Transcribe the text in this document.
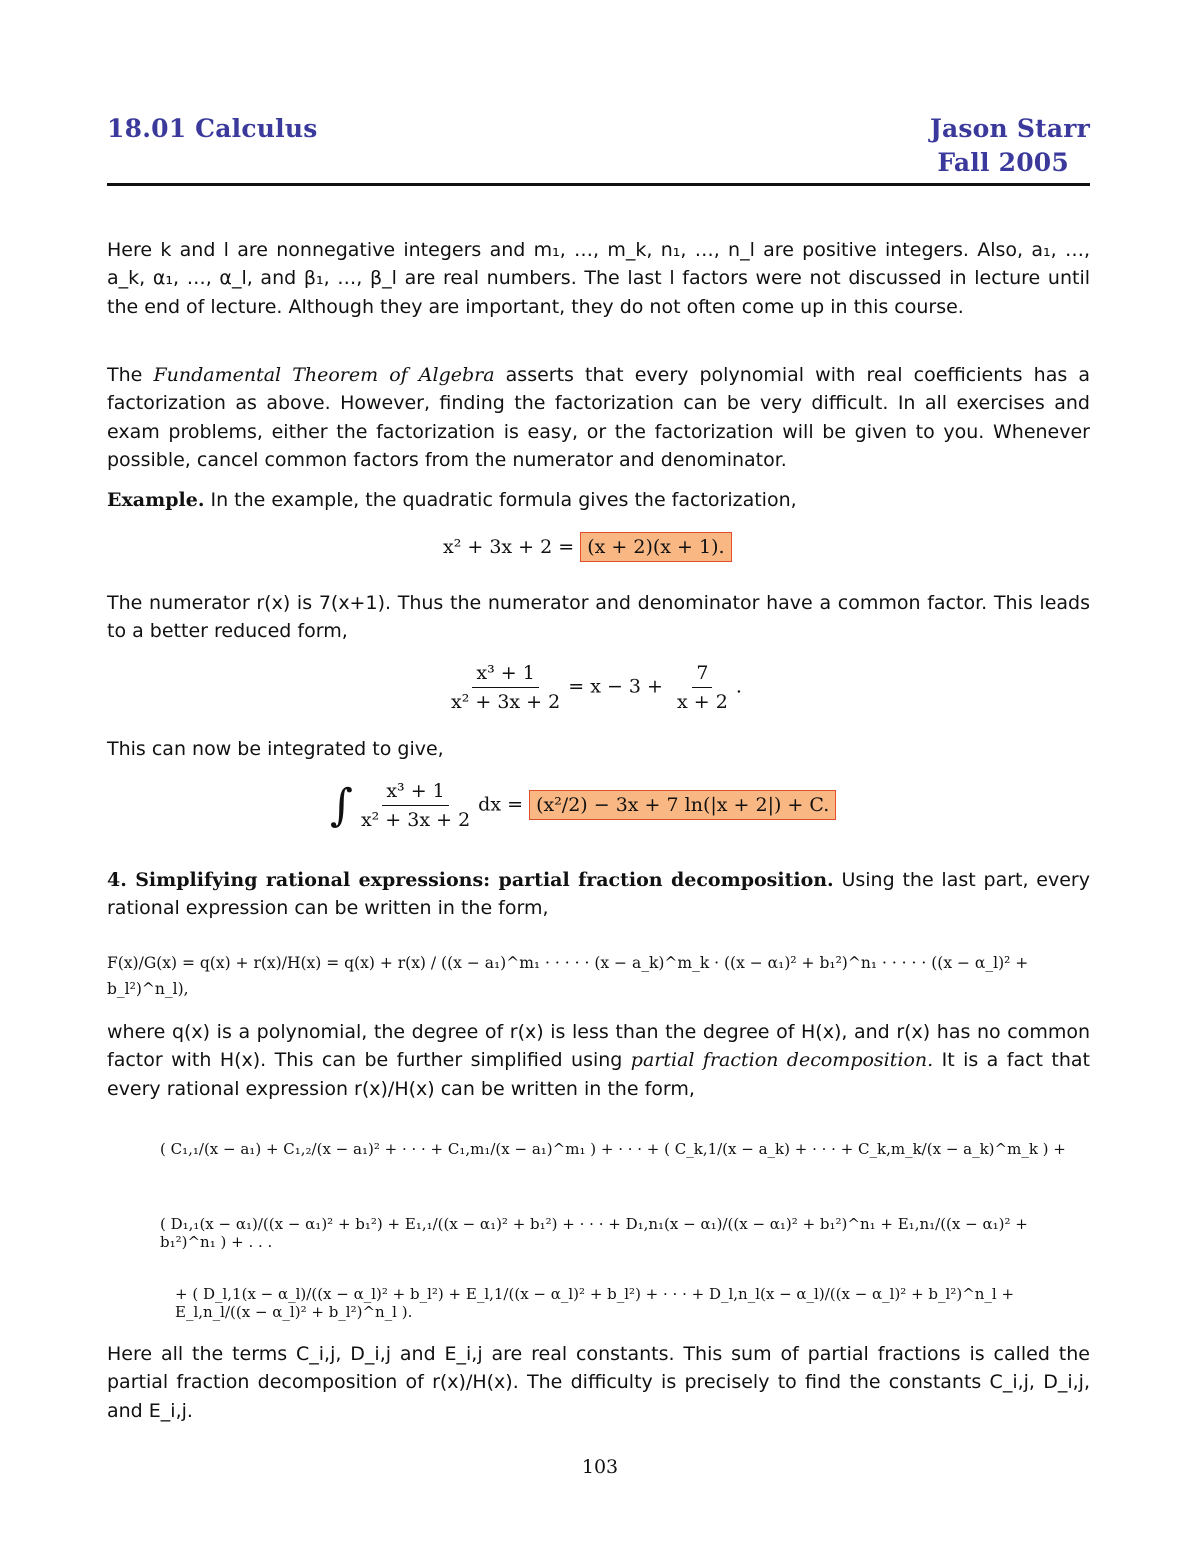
18.01 Calculus	Jason Starr
Fall 2005
Here k and l are nonnegative integers and m₁, …, m_k, n₁, …, n_l are positive integers. Also, a₁, …, a_k, α₁, …, α_l, and β₁, …, β_l are real numbers. The last l factors were not discussed in lecture until the end of lecture. Although they are important, they do not often come up in this course.
The Fundamental Theorem of Algebra asserts that every polynomial with real coefficients has a factorization as above. However, finding the factorization can be very difficult. In all exercises and exam problems, either the factorization is easy, or the factorization will be given to you. Whenever possible, cancel common factors from the numerator and denominator.
Example. In the example, the quadratic formula gives the factorization,
x² + 3x + 2 = (x + 2)(x + 1).
The numerator r(x) is 7(x+1). Thus the numerator and denominator have a common factor. This leads to a better reduced form,
$\frac{\text{x³ + 1}}{\text{x² + 3x + 2}} = x - 3 + \frac{7}{x + 2}$ .
This can now be integrated to give,
∫ $\frac{\text{x³ + 1}}{\text{x² + 3x + 2}}$ dx = (x²/2) − 3x + 7 ln(|x + 2|) + C.
4. Simplifying rational expressions: partial fraction decomposition. Using the last part, every rational expression can be written in the form,
F(x)/G(x) = q(x) + r(x)/H(x) = q(x) + r(x) / ((x − a₁)^m₁ · · · · · (x − a_k)^m_k · ((x − α₁)² + b₁²)^n₁ · · · · · ((x − α_l)² + b_l²)^n_l),
where q(x) is a polynomial, the degree of r(x) is less than the degree of H(x), and r(x) has no common factor with H(x). This can be further simplified using partial fraction decomposition. It is a fact that every rational expression r(x)/H(x) can be written in the form,
( C₁,₁/(x − a₁) + C₁,₂/(x − a₁)² + · · · + C₁,m₁/(x − a₁)^m₁ ) + · · · + ( C_k,1/(x − a_k) + · · · + C_k,m_k/(x − a_k)^m_k ) +
( D₁,₁(x − α₁)/((x − α₁)² + b₁²) + E₁,₁/((x − α₁)² + b₁²) + · · · + D₁,n₁(x − α₁)/((x − α₁)² + b₁²)^n₁ + E₁,n₁/((x − α₁)² + b₁²)^n₁ ) + . . .
+ ( D_l,1(x − α_l)/((x − α_l)² + b_l²) + E_l,1/((x − α_l)² + b_l²) + · · · + D_l,n_l(x − α_l)/((x − α_l)² + b_l²)^n_l + E_l,n_l/((x − α_l)² + b_l²)^n_l ).
Here all the terms C_i,j, D_i,j and E_i,j are real constants. This sum of partial fractions is called the partial fraction decomposition of r(x)/H(x). The difficulty is precisely to find the constants C_i,j, D_i,j, and E_i,j.
103
